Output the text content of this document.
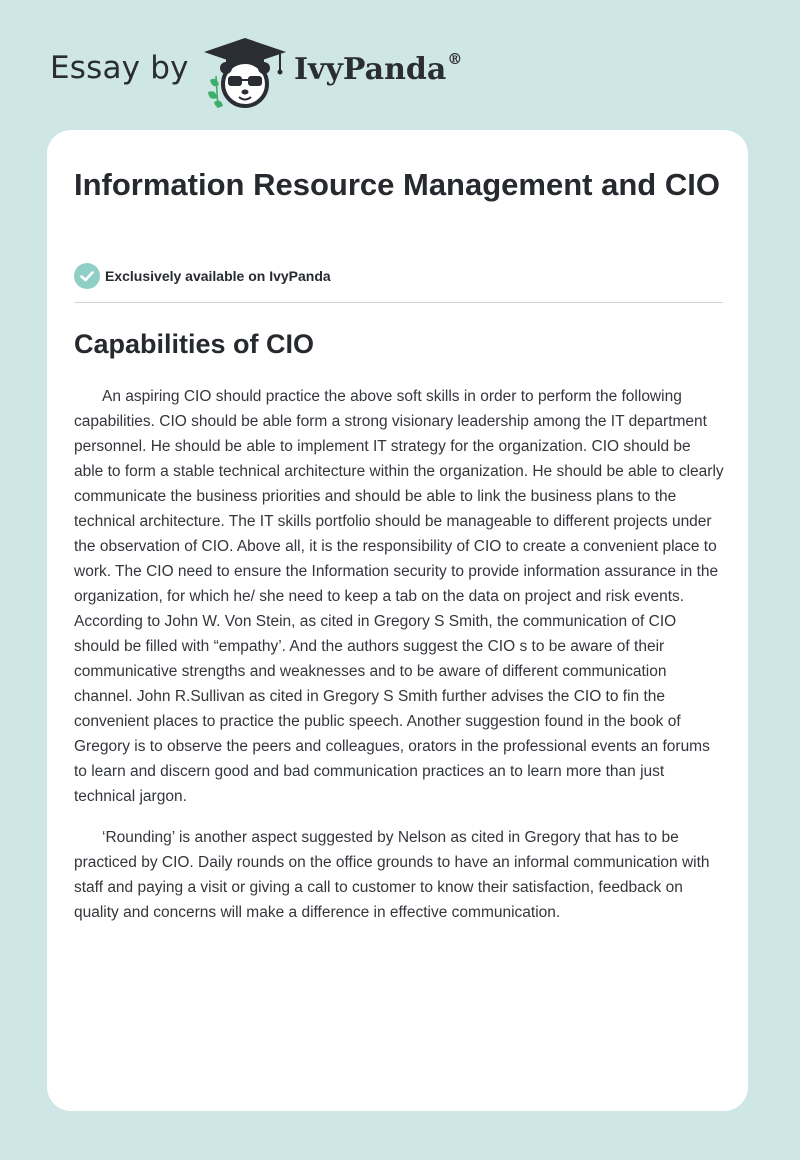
Essay by	IvyPanda®
Information Resource Management and CIO
Exclusively available on IvyPanda
Capabilities of CIO

An aspiring CIO should practice the above soft skills in order to perform the following capabilities. CIO should be able form a strong visionary leadership among the IT department personnel. He should be able to implement IT strategy for the organization. CIO should be able to form a stable technical architecture within the organization. He should be able to clearly communicate the business priorities and should be able to link the business plans to the technical architecture. The IT skills portfolio should be manageable to different projects under the observation of CIO. Above all, it is the responsibility of CIO to create a convenient place to work. The CIO need to ensure the Information security to provide information assurance in the organization, for which he/ she need to keep a tab on the data on project and risk events. According to John W. Von Stein, as cited in Gregory S Smith, the communication of CIO should be filled with “empathy’. And the authors suggest the CIO s to be aware of their communicative strengths and weaknesses and to be aware of different communication channel. John R.Sullivan as cited in Gregory S Smith further advises the CIO to fin the convenient places to practice the public speech. Another suggestion found in the book of Gregory is to observe the peers and colleagues, orators in the professional events an forums to learn and discern good and bad communication practices an to learn more than just technical jargon.

‘Rounding’ is another aspect suggested by Nelson as cited in Gregory that has to be practiced by CIO. Daily rounds on the office grounds to have an informal communication with staff and paying a visit or giving a call to customer to know their satisfaction, feedback on quality and concerns will make a difference in effective communication.
